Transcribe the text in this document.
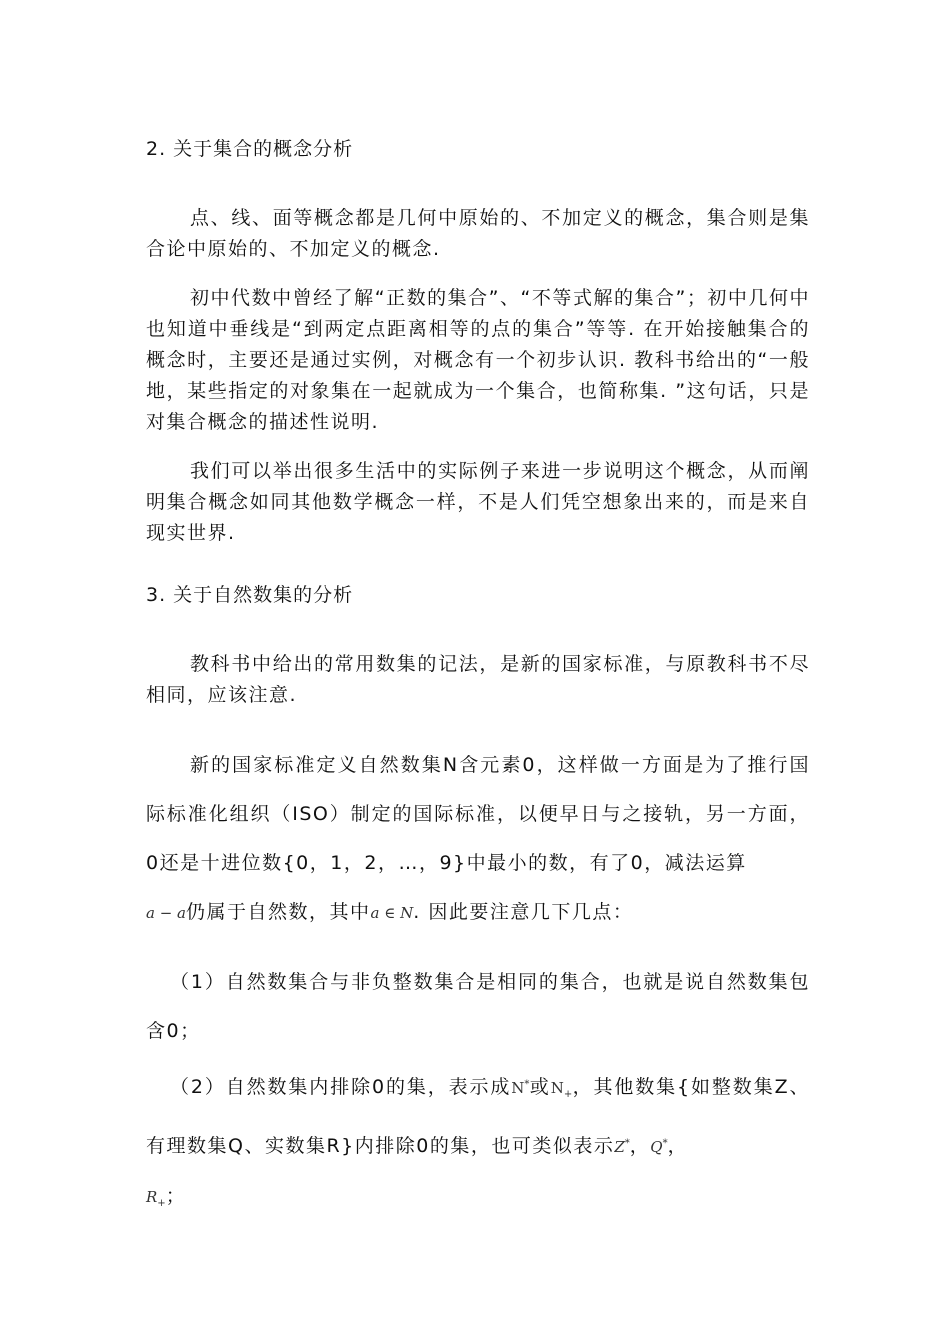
2. 关于集合的概念分析

点、线、面等概念都是几何中原始的、不加定义的概念，集合则是集合论中原始的、不加定义的概念.

初中代数中曾经了解“正数的集合”、“不等式解的集合”；初中几何中也知道中垂线是“到两定点距离相等的点的集合”等等. 在开始接触集合的概念时，主要还是通过实例，对概念有一个初步认识. 教科书给出的“一般地，某些指定的对象集在一起就成为一个集合，也简称集. ”这句话，只是对集合概念的描述性说明.

我们可以举出很多生活中的实际例子来进一步说明这个概念，从而阐明集合概念如同其他数学概念一样，不是人们凭空想象出来的，而是来自现实世界.

3. 关于自然数集的分析

教科书中给出的常用数集的记法，是新的国家标准，与原教科书不尽相同，应该注意.

新的国家标准定义自然数集N含元素0，这样做一方面是为了推行国际标准化组织（ISO）制定的国际标准，以便早日与之接轨，另一方面，0还是十进位数{0，1，2，…，9}中最小的数，有了0，减法运算
a − a仍属于自然数，其中a ∈ N. 因此要注意几下几点：

（1）自然数集合与非负整数集合是相同的集合，也就是说自然数集包含0；

（2）自然数集内排除0的集，表示成N*或$N_+$，其他数集{如整数集Z、有理数集Q、实数集R}内排除0的集，也可类似表示Z*，Q*，
$R_+$；
